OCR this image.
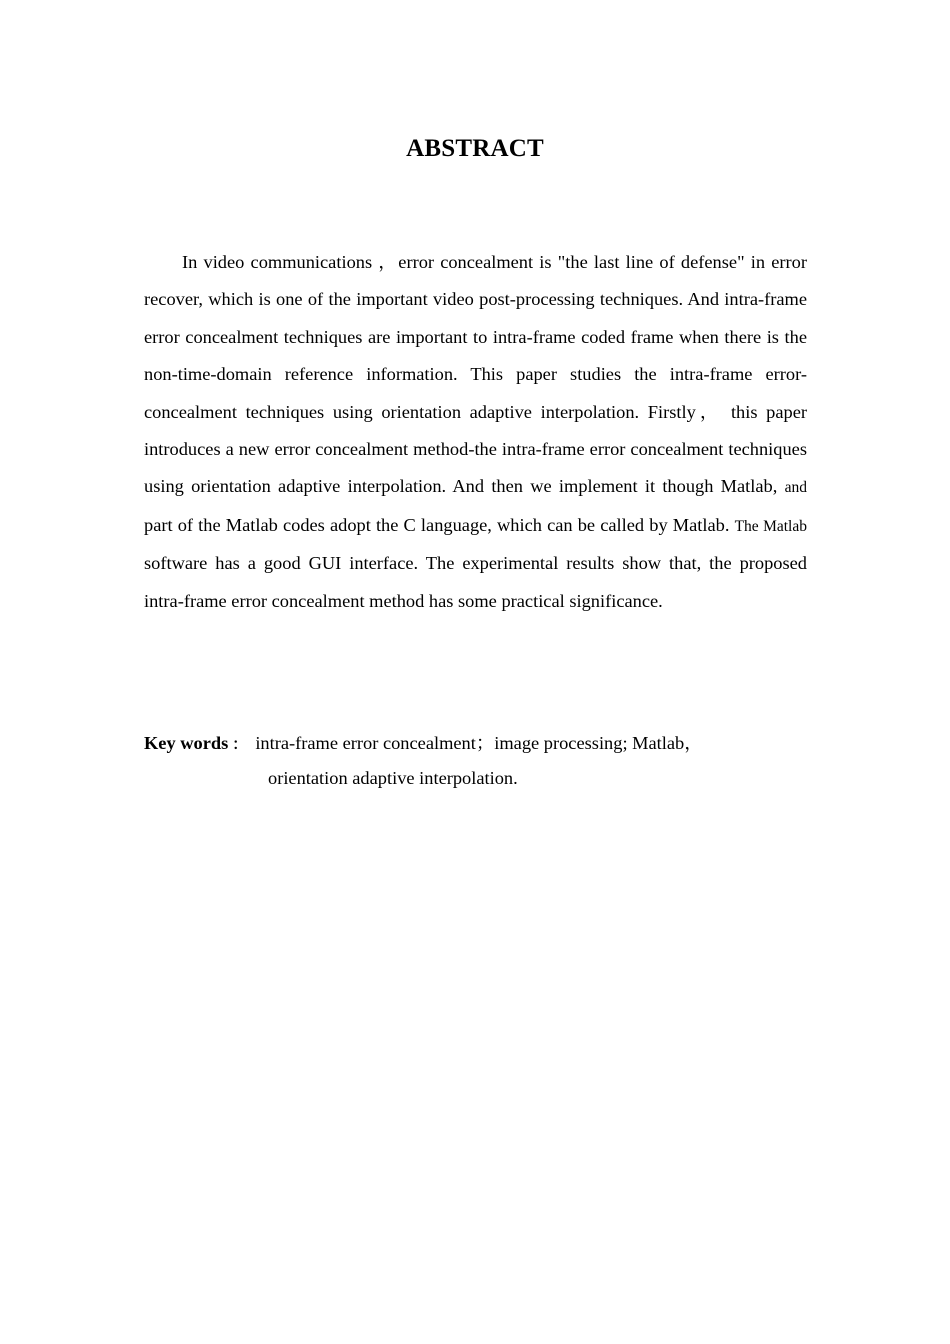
ABSTRACT

In video communications ，error concealment is "the last line of defense" in error recover, which is one of the important video post-processing techniques. And intra-frame error concealment techniques are important to intra-frame coded frame when there is the non-time-domain reference information. This paper studies the intra-frame error-concealment techniques using orientation adaptive interpolation. Firstly， this paper introduces a new error concealment method-the intra-frame error concealment techniques using orientation adaptive interpolation. And then we implement it though Matlab, and part of the Matlab codes adopt the C language, which can be called by Matlab. The Matlab software has a good GUI interface. The experimental results show that, the proposed intra-frame error concealment method has some practical significance.

Key words ： intra-frame error concealment；image processing; Matlab，

orientation adaptive interpolation.
